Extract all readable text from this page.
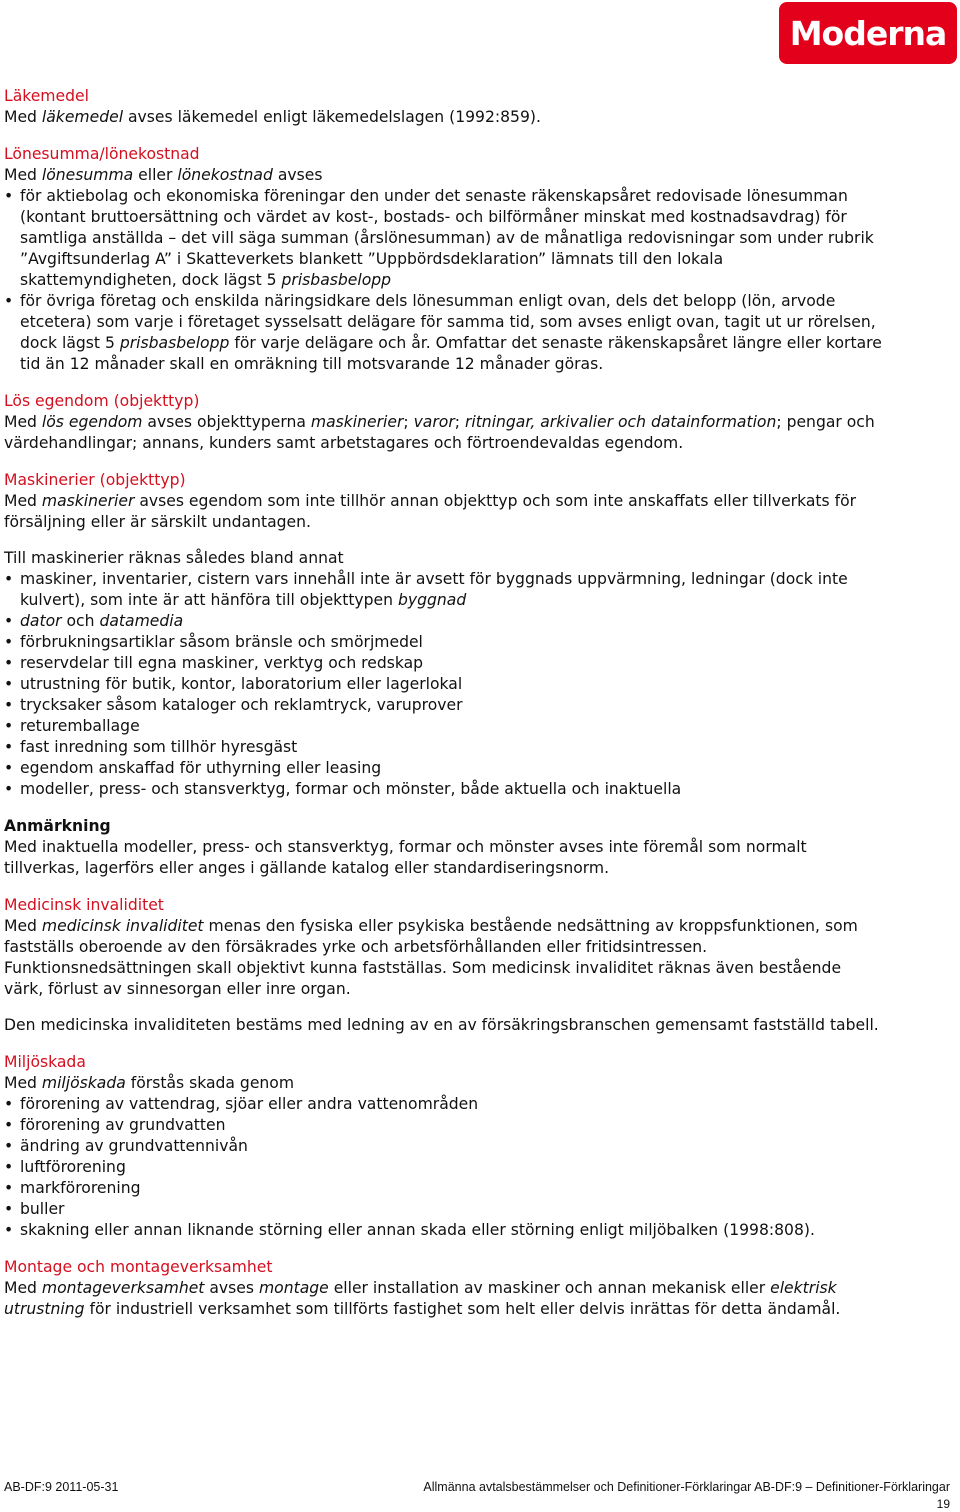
Moderna

Läkemedel

Med läkemedel avses läkemedel enligt läkemedelslagen (1992:859).

Lönesumma/lönekostnad

Med lönesumma eller lönekostnad avses

• för aktiebolag och ekonomiska föreningar den under det senaste räkenskapsåret redovisade lönesumman (kontant bruttoersättning och värdet av kost-, bostads- och bilförmåner minskat med kostnadsavdrag) för samtliga anställda – det vill säga summan (årslönesumman) av de månatliga redovisningar som under rubrik ”Avgiftsunderlag A” i Skatteverkets blankett ”Uppbördsdeklaration” lämnats till den lokala skattemyndigheten, dock lägst 5 prisbasbelopp
• för övriga företag och enskilda näringsidkare dels lönesumman enligt ovan, dels det belopp (lön, arvode etcetera) som varje i företaget sysselsatt delägare för samma tid, som avses enligt ovan, tagit ut ur rörelsen, dock lägst 5 prisbasbelopp för varje delägare och år. Omfattar det senaste räkenskapsåret längre eller kortare tid än 12 månader skall en omräkning till motsvarande 12 månader göras.

Lös egendom (objekttyp)

Med lös egendom avses objekttyperna maskinerier; varor; ritningar, arkivalier och datainformation; pengar och värdehandlingar; annans, kunders samt arbetstagares och förtroendevaldas egendom.

Maskinerier (objekttyp)

Med maskinerier avses egendom som inte tillhör annan objekttyp och som inte anskaffats eller tillverkats för försäljning eller är särskilt undantagen.

Till maskinerier räknas således bland annat

• maskiner, inventarier, cistern vars innehåll inte är avsett för byggnads uppvärmning, ledningar (dock inte kulvert), som inte är att hänföra till objekttypen byggnad
• dator och datamedia
• förbrukningsartiklar såsom bränsle och smörjmedel
• reservdelar till egna maskiner, verktyg och redskap
• utrustning för butik, kontor, laboratorium eller lagerlokal
• trycksaker såsom kataloger och reklamtryck, varuprover
• returemballage
• fast inredning som tillhör hyresgäst
• egendom anskaffad för uthyrning eller leasing
• modeller, press- och stansverktyg, formar och mönster, både aktuella och inaktuella

Anmärkning

Med inaktuella modeller, press- och stansverktyg, formar och mönster avses inte föremål som normalt tillverkas, lagerförs eller anges i gällande katalog eller standardiseringsnorm.

Medicinsk invaliditet

Med medicinsk invaliditet menas den fysiska eller psykiska bestående nedsättning av kroppsfunktionen, som fastställs oberoende av den försäkrades yrke och arbetsförhållanden eller fritidsintressen. Funktionsnedsättningen skall objektivt kunna fastställas. Som medicinsk invaliditet räknas även bestående värk, förlust av sinnesorgan eller inre organ.

Den medicinska invaliditeten bestäms med ledning av en av försäkringsbranschen gemensamt fastställd tabell.

Miljöskada

Med miljöskada förstås skada genom

• förorening av vattendrag, sjöar eller andra vattenområden
• förorening av grundvatten
• ändring av grundvattennivån
• luftförorening
• markförorening
• buller
• skakning eller annan liknande störning eller annan skada eller störning enligt miljöbalken (1998:808).

Montage och montageverksamhet

Med montageverksamhet avses montage eller installation av maskiner och annan mekanisk eller elektrisk utrustning för industriell verksamhet som tillförts fastighet som helt eller delvis inrättas för detta ändamål.

AB-DF:9 2011-05-31	Allmänna avtalsbestämmelser och Definitioner-Förklaringar AB-DF:9 – Definitioner-Förklaringar
19
